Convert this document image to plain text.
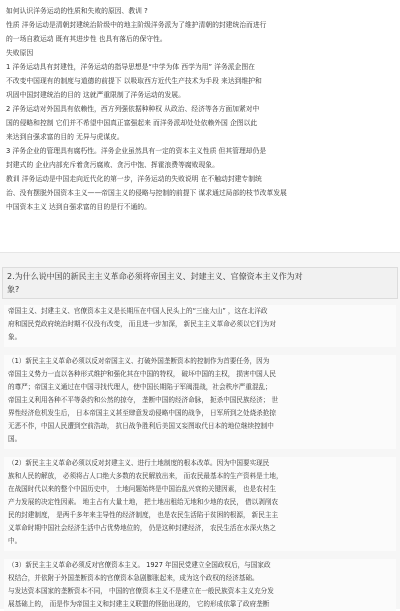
如何认识洋务运动的性质和失败的原因、教训 ?
性质 洋务运动是清朝封建统治阶级中的地主阶级洋务派为了维护清朝的封建统治而进行
的一场自救运动 既有其进步性 也具有落后的保守性。
失败原因
1 洋务运动具有封建性，洋务运动的指导思想是“中学为体 西学为用” 洋务派企图在
不改变中国现有的制度与道德的前提下 以吸取西方近代生产技术为手段 来达到维护和
巩固中国封建统治的目的 这就严重限制了洋务运动的发展。
2 洋务运动对外国具有依赖性，西方列强依据种种权 从政治、经济等各方面加紧对中
国的侵略和控制 它们并不希望中国真正富强起来 而洋务派却处处依赖外国 企图以此
来达到自强求富的目的 无异与虎谋皮。
3 洋务企业的管理具有腐朽性。洋务企业虽然具有一定的资本主义性质 但其管理却仍是
封建式的 企业内部充斥着贪污腐败、贪污中饱、挥霍浪费等腐败现象。
教训 洋务运动是中国走向近代化的第一步，洋务运动的失败说明 在不触动封建专制统
治、没有摆脱外国资本主义——帝国主义的侵略与控制的前提下 谋求通过局部的枝节改革发展
中国资本主义 达到自强求富的目的是行不通的。
2.为什么说中国的新民主主义革命必须将帝国主义、封建主义、官僚资本主义作为对
象?
帝国主义、封建主义、官僚资本主义是长期压在中国人民头上的“三座大山” ，这在北洋政
府和国民党政府统治时期不仅没有改变， 而且进一步加深， 新民主主义革命必须以它们为对
象。
（1）新民主主义革命必须以反对帝国主义、打破外国垄断资本的控制作为首要任务，因为
帝国主义势力一直以各种形式维护和强化其在中国的特权， 破坏中国的主权， 损害中国人民
的尊严；帝国主义通过在中国寻找代理人，使中国长期陷于军阀混战，社会秩序严重混乱；
帝国主义利用各种不平等条约和公然的掠夺， 垄断中国的经济命脉， 扼杀中国民族经济； 世
界性经济危机发生后， 日本帝国主义甚至肆意发动侵略中国的战争， 日军所到之处烧杀抢掠
无恶不作，中国人民遭到空前浩劫， 抗日战争胜利后美国又妄图取代日本的地位继续控制中
国。
（2）新民主主义革命必须以反对封建主义、进行土地制度的根本改革。因为中国要实现民
族和人民的解放， 必须将占人口绝大多数的农民解放出来， 而农民最基本的生产资料是土地，
在战国时代以来的整个中国历史中， 土地问题始终是中国治乱兴衰的关键因素， 也是农村生
产力发展的决定性因素。 地主占有大量土地， 把土地出租给无地和少地的农民， 借以剥削农
民的封建制度， 是两千多年来主导性的经济制度， 也是农民生活陷于贫困的根源， 新民主主
义革命时期中国社会经济生活中占优势地位的， 仍是这种封建经济， 农民生活在水深火热之
中。
（3）新民主主义革命必须反对官僚资本主义。 1927 年国民党建立全国政权后，与国家政
权结合，并依附于外国垄断资本的官僚资本急剧膨胀起来，成为这个政权的经济基础。
与发达资本国家的垄断资本不同， 中国的官僚资本主义不是建立在一般民族资本主义充分发
展基础上的， 而是作为帝国主义和封建主义联盟的怪胎出现的， 它的形成依靠了政府垄断
